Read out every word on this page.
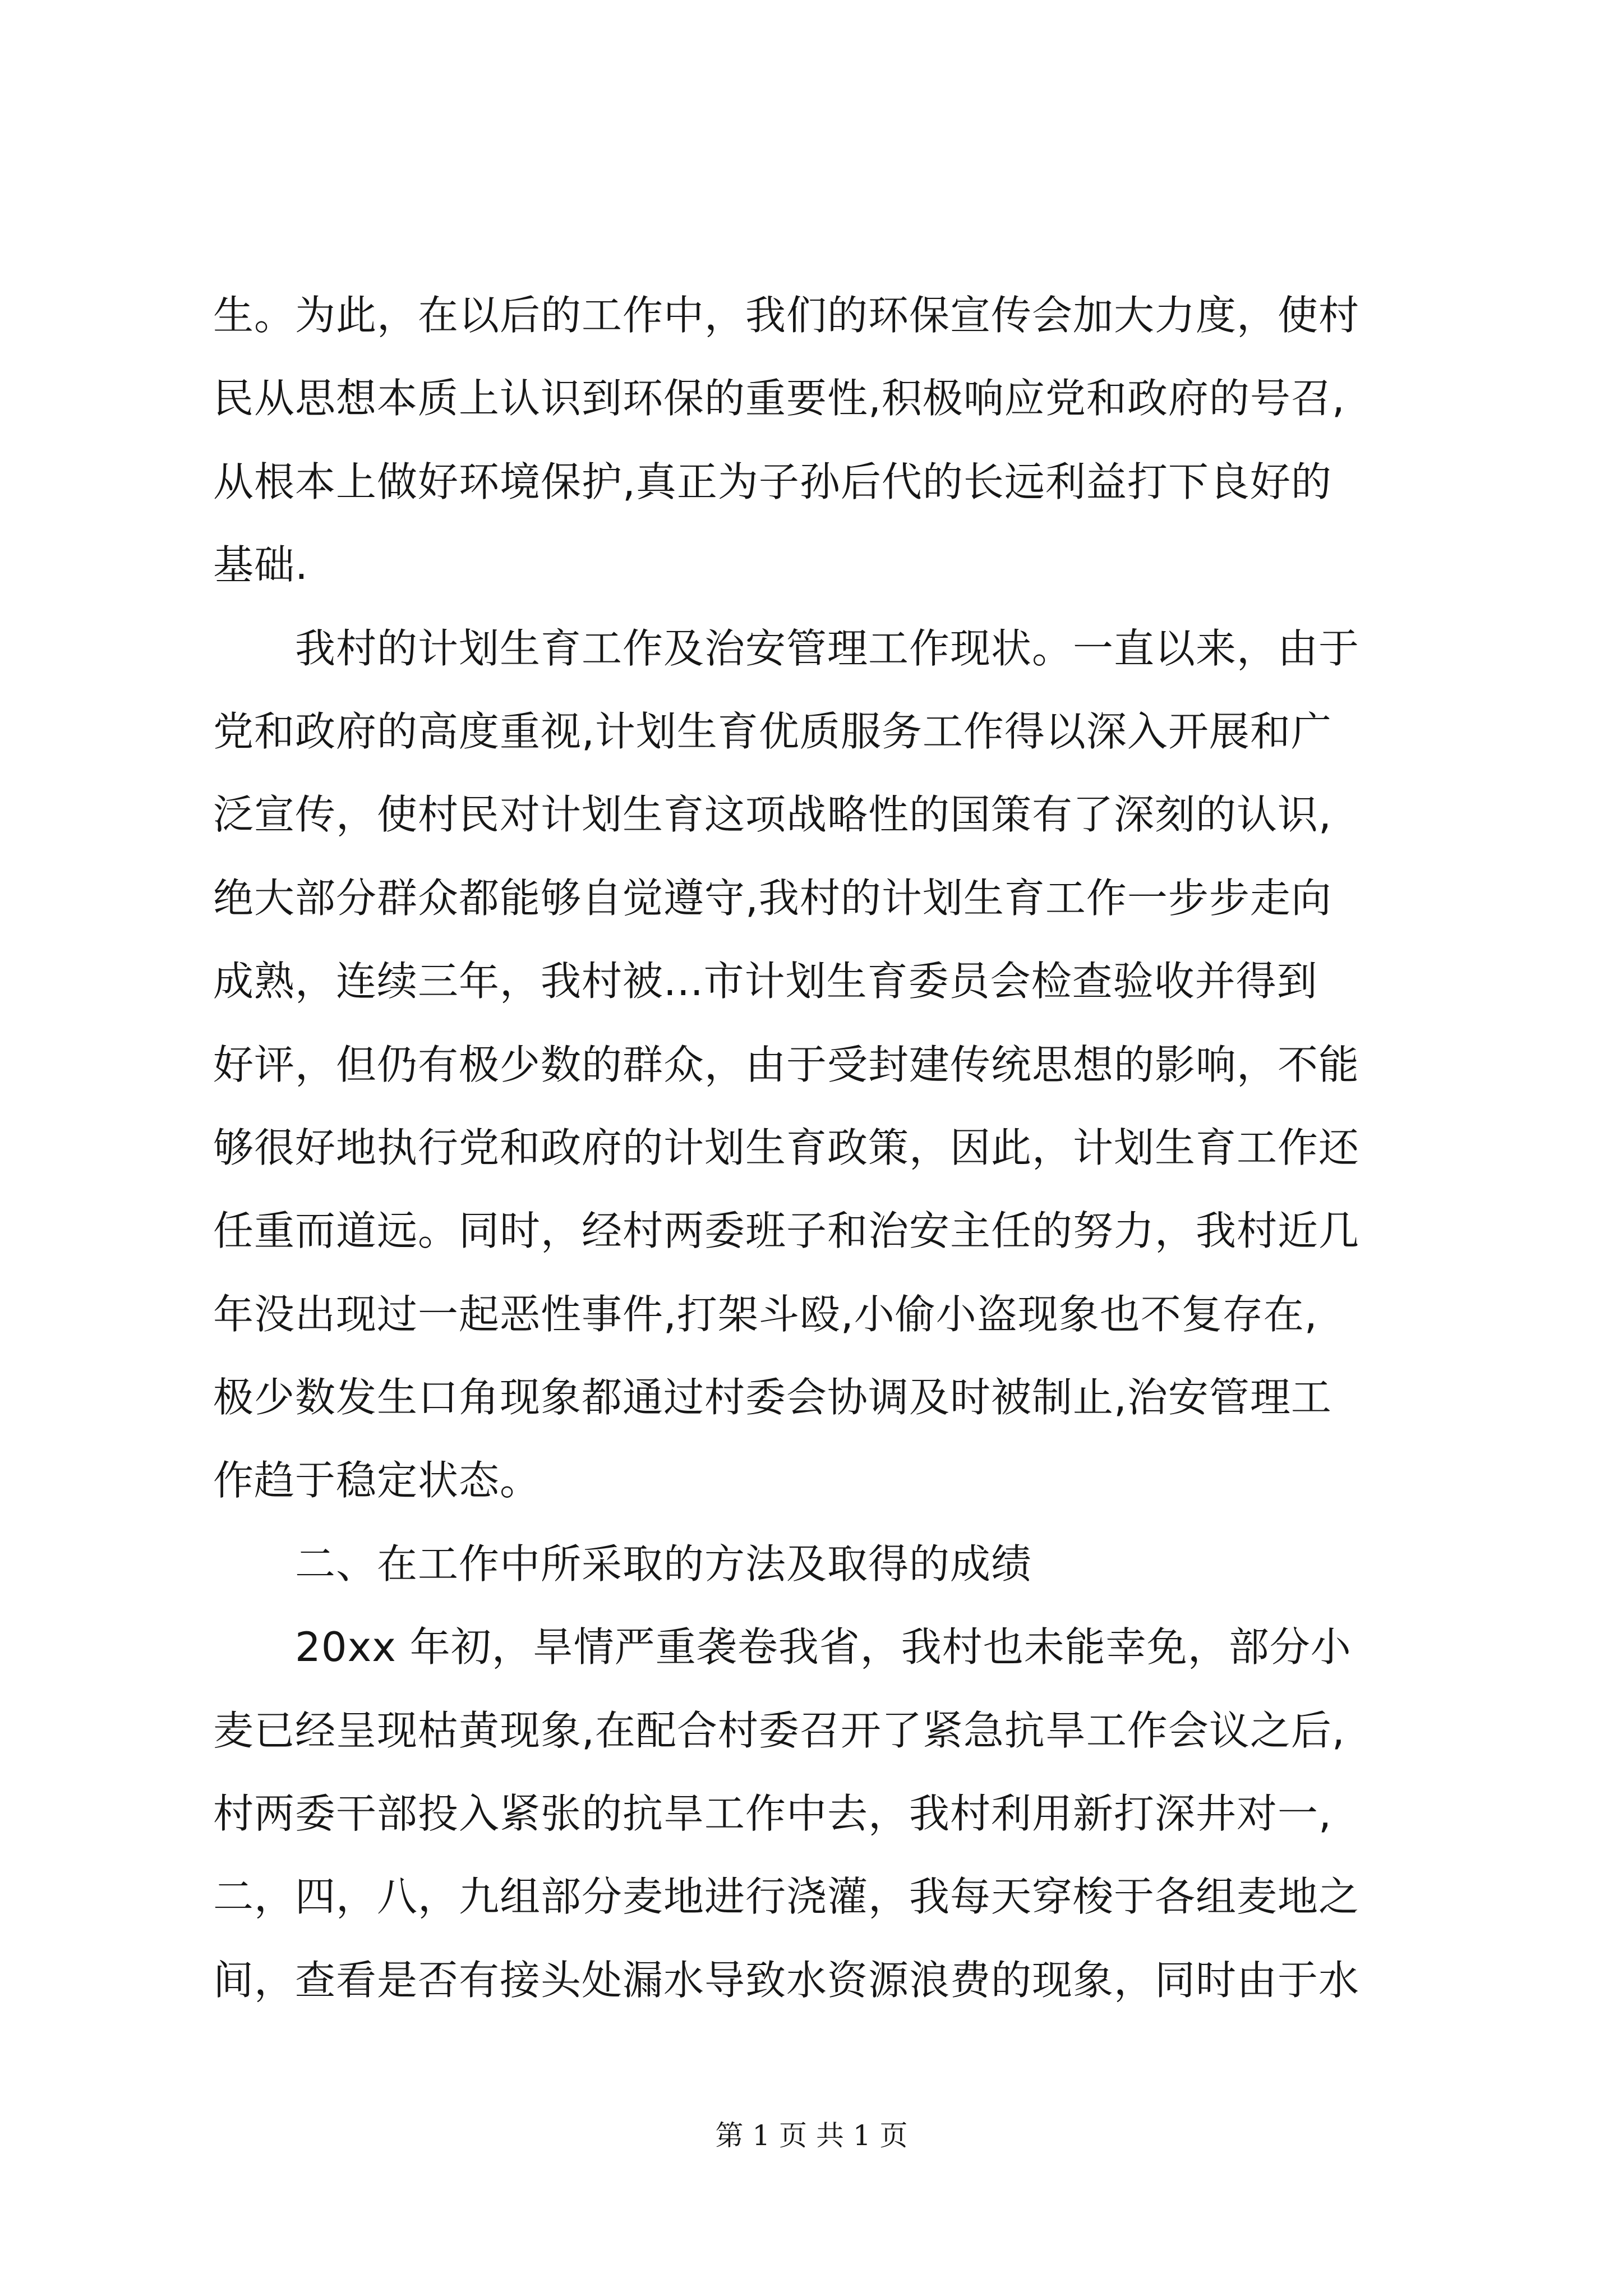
生。为此，在以后的工作中，我们的环保宣传会加大力度，使村
民从思想本质上认识到环保的重要性,积极响应党和政府的号召,
从根本上做好环境保护,真正为子孙后代的长远利益打下良好的
基础.
　　我村的计划生育工作及治安管理工作现状。一直以来，由于
党和政府的高度重视,计划生育优质服务工作得以深入开展和广
泛宣传，使村民对计划生育这项战略性的国策有了深刻的认识,
绝大部分群众都能够自觉遵守,我村的计划生育工作一步步走向
成熟，连续三年，我村被...市计划生育委员会检查验收并得到
好评，但仍有极少数的群众，由于受封建传统思想的影响，不能
够很好地执行党和政府的计划生育政策，因此，计划生育工作还
任重而道远。同时，经村两委班子和治安主任的努力，我村近几
年没出现过一起恶性事件,打架斗殴,小偷小盗现象也不复存在,
极少数发生口角现象都通过村委会协调及时被制止,治安管理工
作趋于稳定状态。
　　二、在工作中所采取的方法及取得的成绩
　　20xx 年初，旱情严重袭卷我省，我村也未能幸免，部分小
麦已经呈现枯黄现象,在配合村委召开了紧急抗旱工作会议之后,
村两委干部投入紧张的抗旱工作中去，我村利用新打深井对一,
二，四，八，九组部分麦地进行浇灌，我每天穿梭于各组麦地之
间，查看是否有接头处漏水导致水资源浪费的现象，同时由于水
第 1 页 共 1 页
